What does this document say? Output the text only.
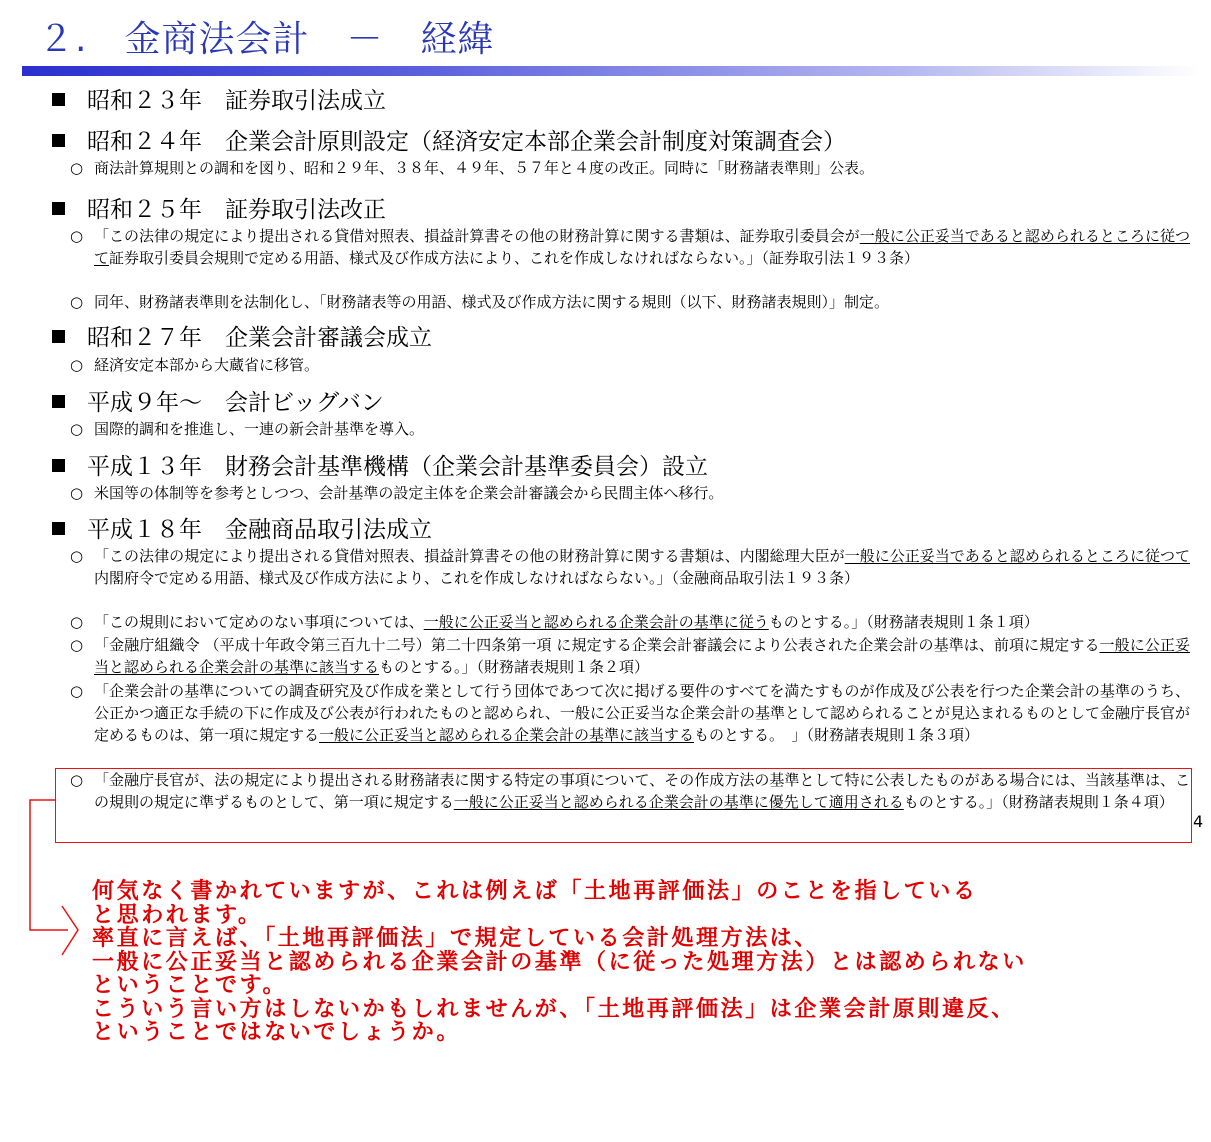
２.　金商法会計　－　経緯
昭和２３年　証券取引法成立
昭和２４年　企業会計原則設定（経済安定本部企業会計制度対策調査会）
○ 商法計算規則との調和を図り、昭和２９年、３８年、４９年、５７年と４度の改正。同時に「財務諸表準則」公表。
昭和２５年　証券取引法改正
○ 「この法律の規定により提出される貸借対照表、損益計算書その他の財務計算に関する書類は、証券取引委員会が一般に公正妥当であると認められるところに従つて証券取引委員会規則で定める用語、様式及び作成方法により、これを作成しなければならない。」（証券取引法１９３条）
○ 同年、財務諸表準則を法制化し、「財務諸表等の用語、様式及び作成方法に関する規則（以下、財務諸表規則）」制定。
昭和２７年　企業会計審議会成立
○ 経済安定本部から大蔵省に移管。
平成９年～　会計ビッグバン
○ 国際的調和を推進し、一連の新会計基準を導入。
平成１３年　財務会計基準機構（企業会計基準委員会）設立
○ 米国等の体制等を参考としつつ、会計基準の設定主体を企業会計審議会から民間主体へ移行。
平成１８年　金融商品取引法成立
○ 「この法律の規定により提出される貸借対照表、損益計算書その他の財務計算に関する書類は、内閣総理大臣が一般に公正妥当であると認められるところに従つて内閣府令で定める用語、様式及び作成方法により、これを作成しなければならない。」（金融商品取引法１９３条）
○ 「この規則において定めのない事項については、一般に公正妥当と認められる企業会計の基準に従うものとする。」（財務諸表規則１条１項）
○ 「金融庁組織令 （平成十年政令第三百九十二号）第二十四条第一項 に規定する企業会計審議会により公表された企業会計の基準は、前項に規定する一般に公正妥当と認められる企業会計の基準に該当するものとする。」（財務諸表規則１条２項）
○ 「企業会計の基準についての調査研究及び作成を業として行う団体であつて次に掲げる要件のすべてを満たすものが作成及び公表を行つた企業会計の基準のうち、公正かつ適正な手続の下に作成及び公表が行われたものと認められ、一般に公正妥当な企業会計の基準として認められることが見込まれるものとして金融庁長官が定めるものは、第一項に規定する一般に公正妥当と認められる企業会計の基準に該当するものとする。　」（財務諸表規則１条３項）
○ 「金融庁長官が、法の規定により提出される財務諸表に関する特定の事項について、その作成方法の基準として特に公表したものがある場合には、当該基準は、この規則の規定に準ずるものとして、第一項に規定する一般に公正妥当と認められる企業会計の基準に優先して適用されるものとする。」（財務諸表規則１条４項）
4
何気なく書かれていますが、これは例えば「土地再評価法」のことを指している
と思われます。
率直に言えば、「土地再評価法」で規定している会計処理方法は、
一般に公正妥当と認められる企業会計の基準（に従った処理方法）とは認められない
ということです。
こういう言い方はしないかもしれませんが、「土地再評価法」は企業会計原則違反、
ということではないでしょうか。
